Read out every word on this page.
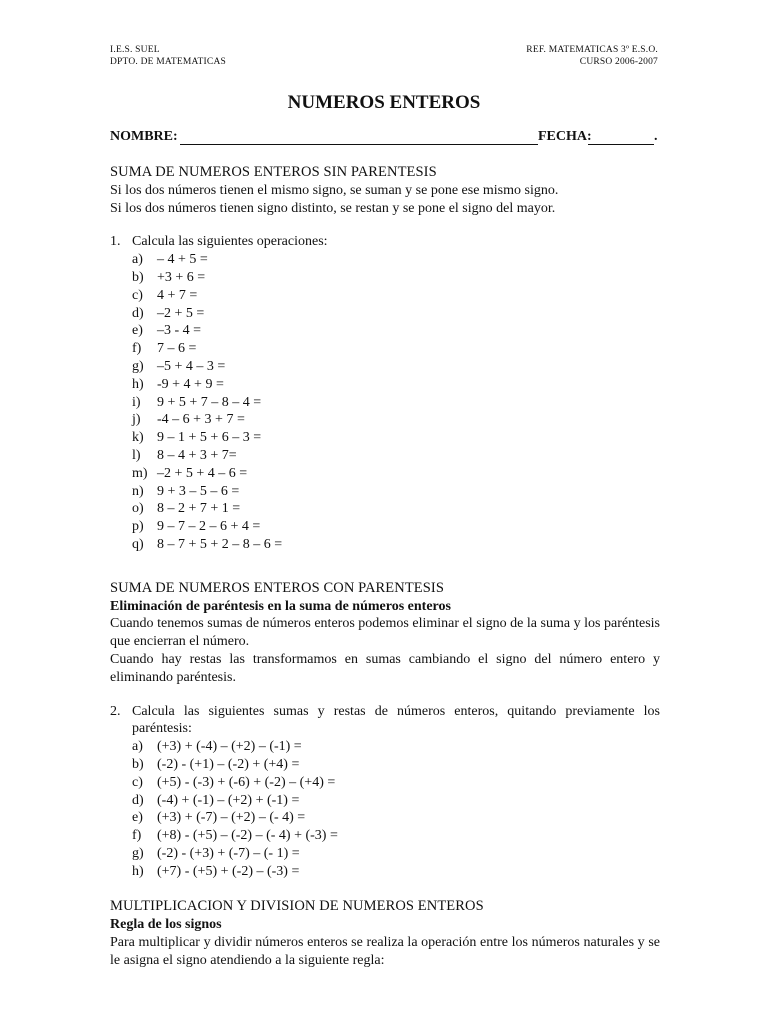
I.E.S. SUEL
DPTO. DE MATEMATICAS
REF. MATEMATICAS 3º E.S.O.
CURSO 2006-2007
NUMEROS ENTEROS
NOMBRE:	FECHA:	.
SUMA DE NUMEROS ENTEROS SIN PARENTESIS
Si los dos números tienen el mismo signo, se suman y se pone ese mismo signo.
Si los dos números tienen signo distinto, se restan y se pone el signo del mayor.
1. Calcula las siguientes operaciones:
a) – 4 + 5 =
b) +3 + 6 =
c) 4 + 7 =
d) –2 + 5 =
e) –3 - 4 =
f) 7 – 6 =
g) –5 + 4 – 3 =
h) -9 + 4 + 9 =
i) 9 + 5 + 7 – 8 – 4 =
j) -4 – 6 + 3 + 7 =
k) 9 – 1 + 5 + 6 – 3 =
l) 8 – 4 + 3 + 7=
m) –2 + 5 + 4 – 6 =
n) 9 + 3 – 5 – 6 =
o) 8 – 2 + 7 + 1 =
p) 9 – 7 – 2 – 6 + 4 =
q) 8 – 7 + 5 + 2 – 8 – 6 =
SUMA DE NUMEROS ENTEROS CON PARENTESIS
Eliminación de paréntesis en la suma de números enteros
Cuando tenemos sumas de números enteros podemos eliminar el signo de la suma y los paréntesis que encierran el número.
Cuando hay restas las transformamos en sumas cambiando el signo del número entero y eliminando paréntesis.
2. Calcula las siguientes sumas y restas de números enteros, quitando previamente los paréntesis:
a) (+3) + (-4) – (+2) – (-1) =
b) (-2) - (+1) – (-2) + (+4) =
c) (+5) - (-3) + (-6) + (-2) – (+4) =
d) (-4) + (-1) – (+2) + (-1) =
e) (+3) + (-7) – (+2) – (- 4) =
f) (+8) - (+5) – (-2) – (- 4) + (-3) =
g) (-2) - (+3) + (-7) – (- 1) =
h) (+7) - (+5) + (-2) – (-3) =
MULTIPLICACION Y DIVISION DE NUMEROS ENTEROS
Regla de los signos
Para multiplicar y dividir números enteros se realiza la operación entre los números naturales y se le asigna el signo atendiendo a la siguiente regla:
